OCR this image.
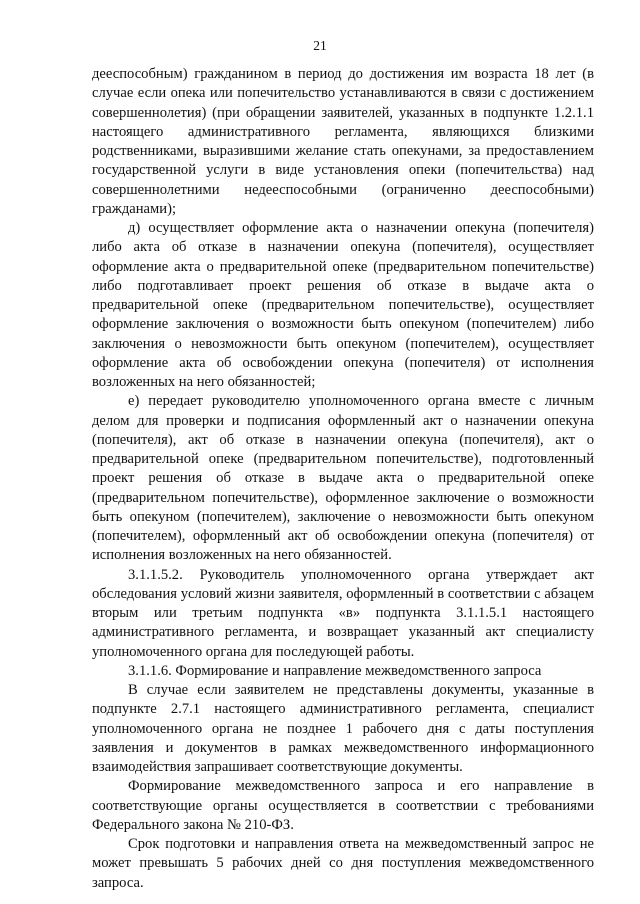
21

дееспособным) гражданином в период до достижения им возраста 18 лет (в случае если опека или попечительство устанавливаются в связи с достижением совершеннолетия) (при обращении заявителей, указанных в подпункте 1.2.1.1 настоящего административного регламента, являющихся близкими родственниками, выразившими желание стать опекунами, за предоставлением государственной услуги в виде установления опеки (попечительства) над совершеннолетними недееспособными (ограниченно дееспособными) гражданами);

д) осуществляет оформление акта о назначении опекуна (попечителя) либо акта об отказе в назначении опекуна (попечителя), осуществляет оформление акта о предварительной опеке (предварительном попечительстве) либо подготавливает проект решения об отказе в выдаче акта о предварительной опеке (предварительном попечительстве), осуществляет оформление заключения о возможности быть опекуном (попечителем) либо заключения о невозможности быть опекуном (попечителем), осуществляет оформление акта об освобождении опекуна (попечителя) от исполнения возложенных на него обязанностей;

е) передает руководителю уполномоченного органа вместе с личным делом для проверки и подписания оформленный акт о назначении опекуна (попечителя), акт об отказе в назначении опекуна (попечителя), акт о предварительной опеке (предварительном попечительстве), подготовленный проект решения об отказе в выдаче акта о предварительной опеке (предварительном попечительстве), оформленное заключение о возможности быть опекуном (попечителем), заключение о невозможности быть опекуном (попечителем), оформленный акт об освобождении опекуна (попечителя) от исполнения возложенных на него обязанностей.

3.1.1.5.2. Руководитель уполномоченного органа утверждает акт обследования условий жизни заявителя, оформленный в соответствии с абзацем вторым или третьим подпункта «в» подпункта 3.1.1.5.1 настоящего административного регламента, и возвращает указанный акт специалисту уполномоченного органа для последующей работы.

3.1.1.6. Формирование и направление межведомственного запроса

В случае если заявителем не представлены документы, указанные в подпункте 2.7.1 настоящего административного регламента, специалист уполномоченного органа не позднее 1 рабочего дня с даты поступления заявления и документов в рамках межведомственного информационного взаимодействия запрашивает соответствующие документы.

Формирование межведомственного запроса и его направление в соответствующие органы осуществляется в соответствии с требованиями Федерального закона № 210-ФЗ.

Срок подготовки и направления ответа на межведомственный запрос не может превышать 5 рабочих дней со дня поступления межведомственного запроса.
